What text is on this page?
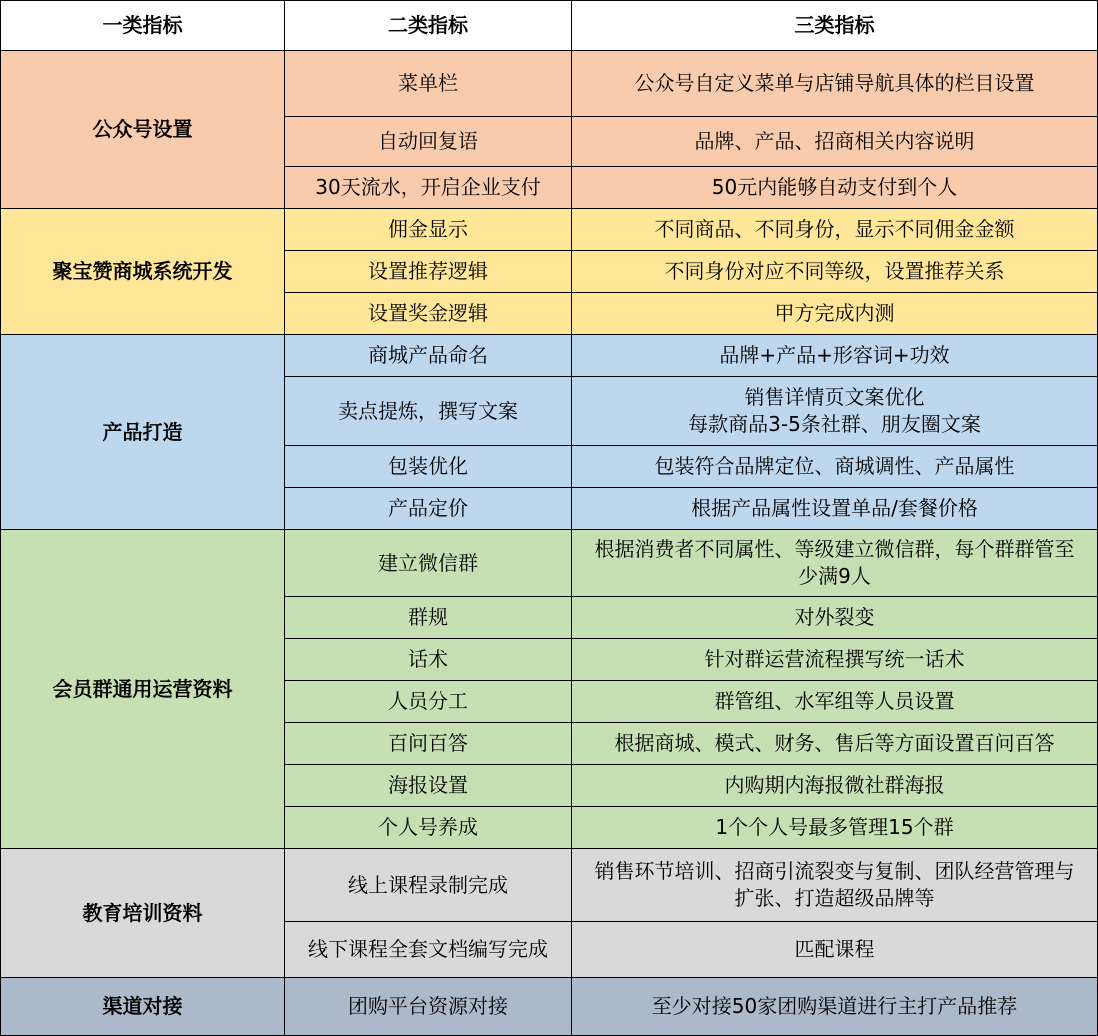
一类指标	二类指标	三类指标
公众号设置	菜单栏	公众号自定义菜单与店铺导航具体的栏目设置

	自动回复语	品牌、产品、招商相关内容说明

	30天流水，开启企业支付	50元内能够自动支付到个人

聚宝赞商城系统开发	佣金显示	不同商品、不同身份，显示不同佣金金额

	设置推荐逻辑	不同身份对应不同等级，设置推荐关系

	设置奖金逻辑	甲方完成内测

产品打造	商城产品命名	品牌+产品+形容词+功效

	卖点提炼，撰写文案	销售详情页文案优化
每款商品3-5条社群、朋友圈文案

	包装优化	包装符合品牌定位、商城调性、产品属性

	产品定价	根据产品属性设置单品/套餐价格

会员群通用运营资料	建立微信群	根据消费者不同属性、等级建立微信群，每个群群管至
少满9人

	群规	对外裂变

	话术	针对群运营流程撰写统一话术

	人员分工	群管组、水军组等人员设置

	百问百答	根据商城、模式、财务、售后等方面设置百问百答

	海报设置	内购期内海报微社群海报

	个人号养成	1个个人号最多管理15个群

教育培训资料	线上课程录制完成	销售环节培训、招商引流裂变与复制、团队经营管理与
扩张、打造超级品牌等

	线下课程全套文档编写完成	匹配课程

渠道对接	团购平台资源对接	至少对接50家团购渠道进行主打产品推荐
